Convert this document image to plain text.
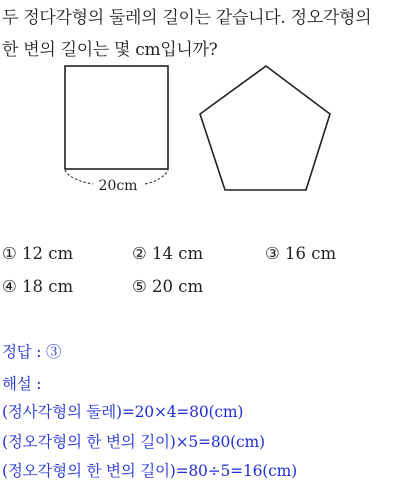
두 정다각형의 둘레의 길이는 같습니다. 정오각형의
한 변의 길이는 몇 cm입니까?
20cm
① 12 cm	② 14 cm	③ 16 cm
④ 18 cm	⑤ 20 cm
정답 : ③
해설 :
(정사각형의 둘레)=20×4=80(cm)
(정오각형의 한 변의 길이)×5=80(cm)
(정오각형의 한 변의 길이)=80÷5=16(cm)
